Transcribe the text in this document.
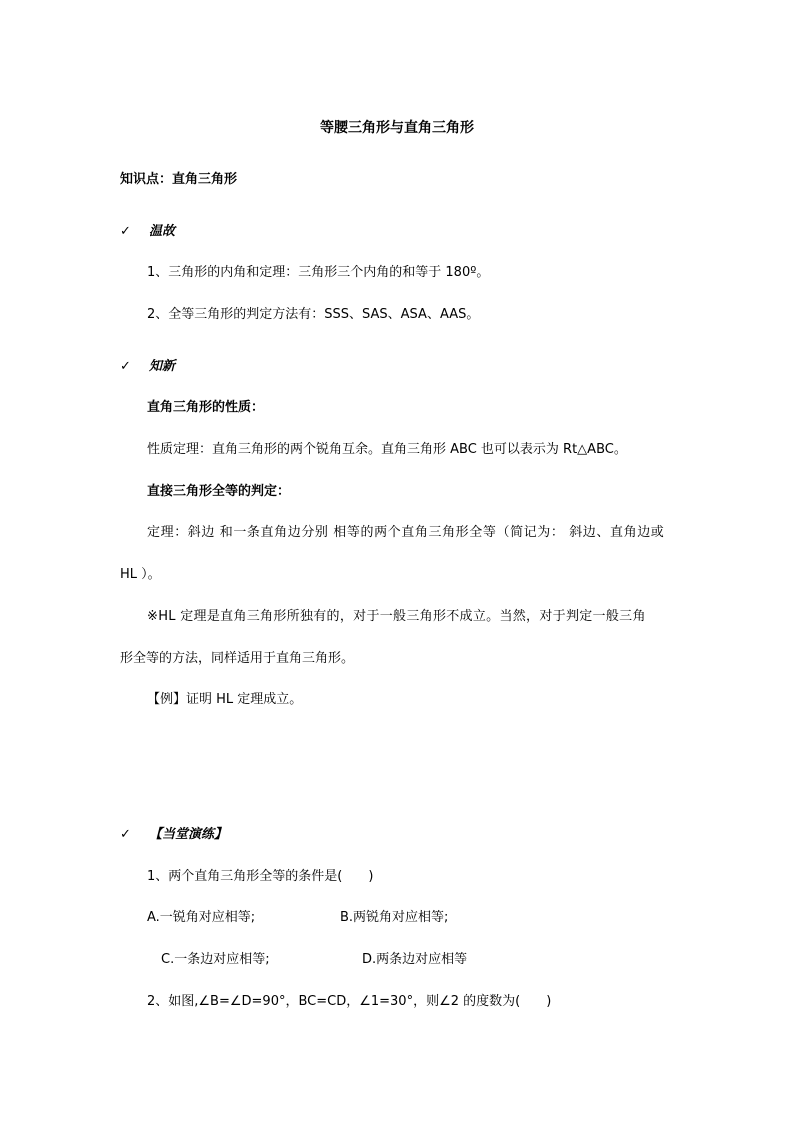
等腰三角形与直角三角形
知识点：直角三角形
✓ 温故
1、三角形的内角和定理：三角形三个内角的和等于 180º。
2、全等三角形的判定方法有：SSS、SAS、ASA、AAS。
✓ 知新
直角三角形的性质：
性质定理：直角三角形的两个锐角互余。直角三角形 ABC 也可以表示为 Rt△ABC。
直接三角形全等的判定：
定理：斜边 和一条直角边分别 相等的两个直角三角形全等（简记为： 斜边、直角边或
HL ）。
※HL 定理是直角三角形所独有的，对于一般三角形不成立。当然，对于判定一般三角
形全等的方法，同样适用于直角三角形。
【例】证明 HL 定理成立。
✓ 【当堂演练】
1、两个直角三角形全等的条件是(　　)
A.一锐角对应相等;	B.两锐角对应相等;
C.一条边对应相等;	D.两条边对应相等
2、如图,∠B=∠D=90°，BC=CD，∠1=30°，则∠2 的度数为(　　)
